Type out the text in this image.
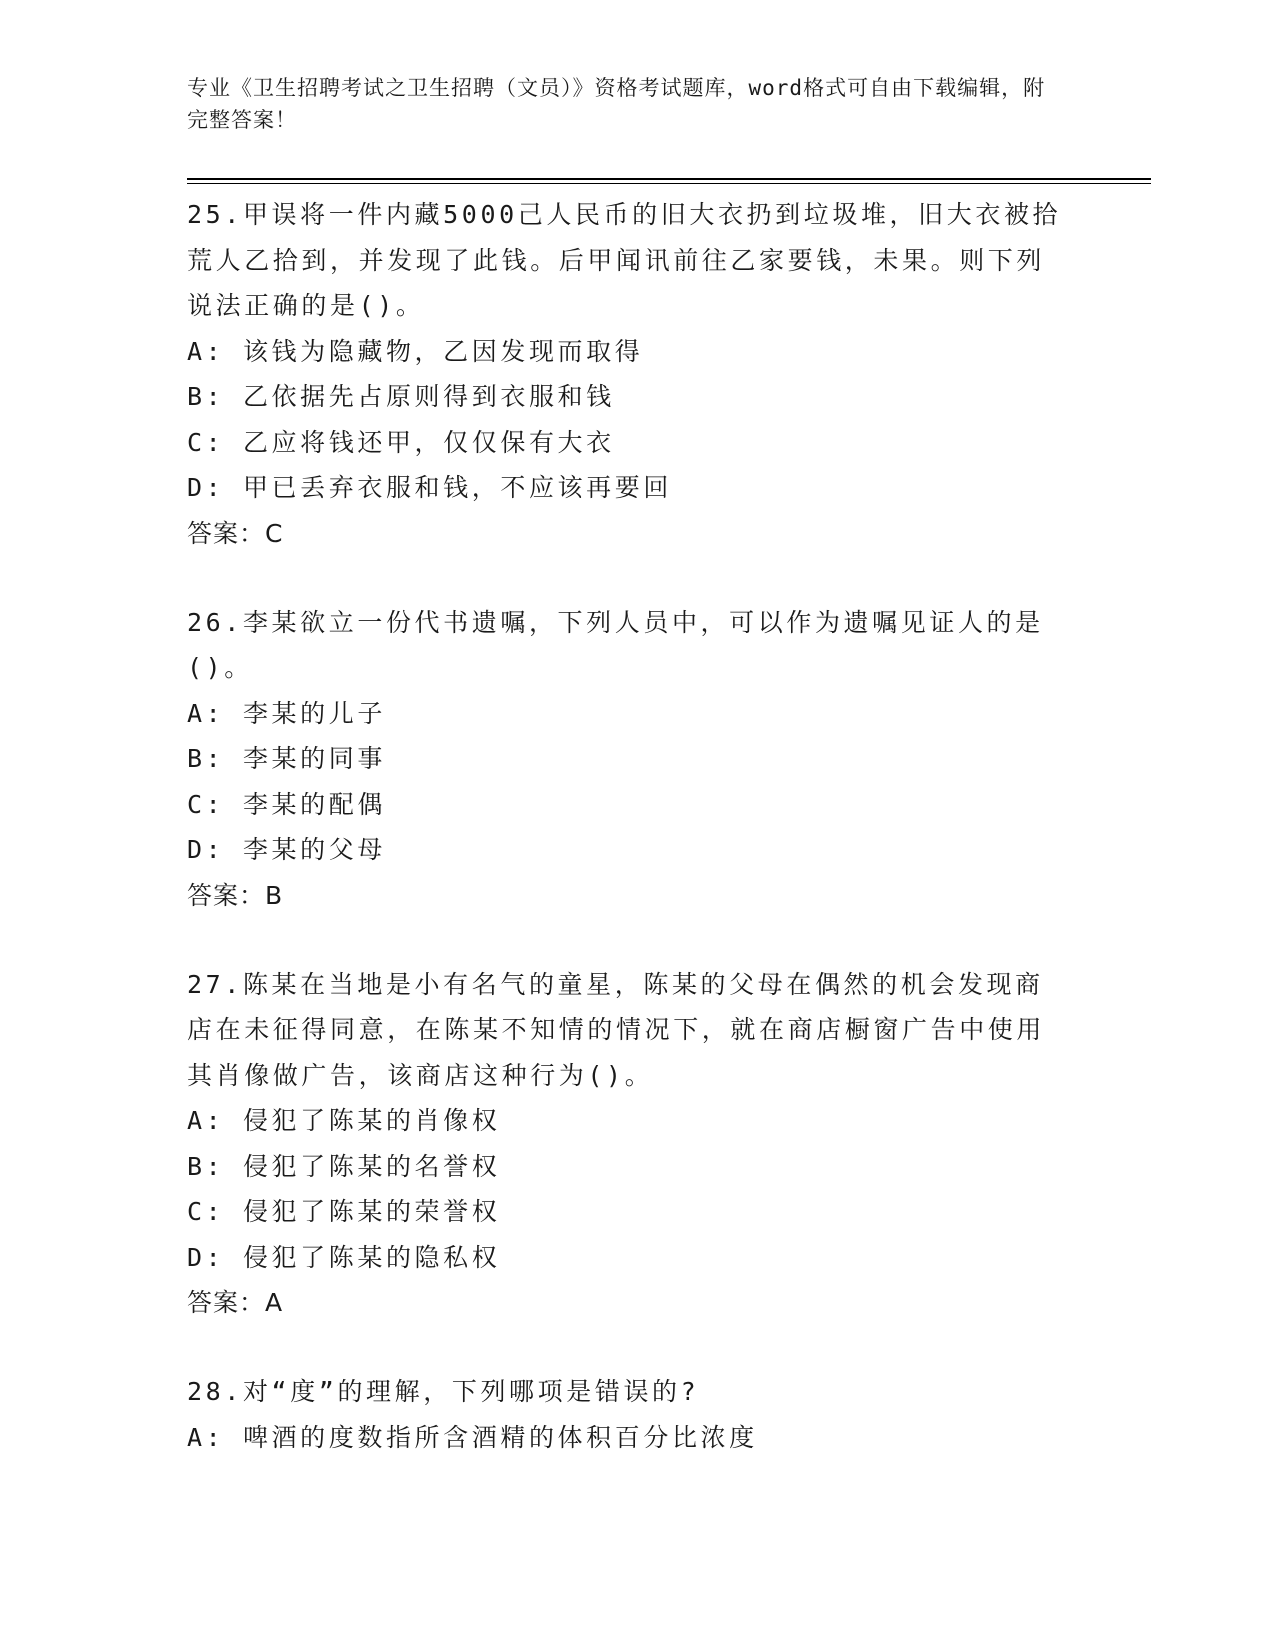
专业《卫生招聘考试之卫生招聘（文员）》资格考试题库，word格式可自由下载编辑，附完整答案！
25.甲误将一件内藏5000己人民币的旧大衣扔到垃圾堆，旧大衣被拾荒人乙拾到，并发现了此钱。后甲闻讯前往乙家要钱，未果。则下列说法正确的是()。
A: 该钱为隐藏物，乙因发现而取得
B: 乙依据先占原则得到衣服和钱
C: 乙应将钱还甲，仅仅保有大衣
D: 甲已丢弃衣服和钱，不应该再要回
答案：C
26.李某欲立一份代书遗嘱，下列人员中，可以作为遗嘱见证人的是()。
A: 李某的儿子
B: 李某的同事
C: 李某的配偶
D: 李某的父母
答案：B
27.陈某在当地是小有名气的童星，陈某的父母在偶然的机会发现商店在未征得同意，在陈某不知情的情况下，就在商店橱窗广告中使用其肖像做广告，该商店这种行为()。
A: 侵犯了陈某的肖像权
B: 侵犯了陈某的名誉权
C: 侵犯了陈某的荣誉权
D: 侵犯了陈某的隐私权
答案：A
28.对“度”的理解，下列哪项是错误的?
A: 啤酒的度数指所含酒精的体积百分比浓度
